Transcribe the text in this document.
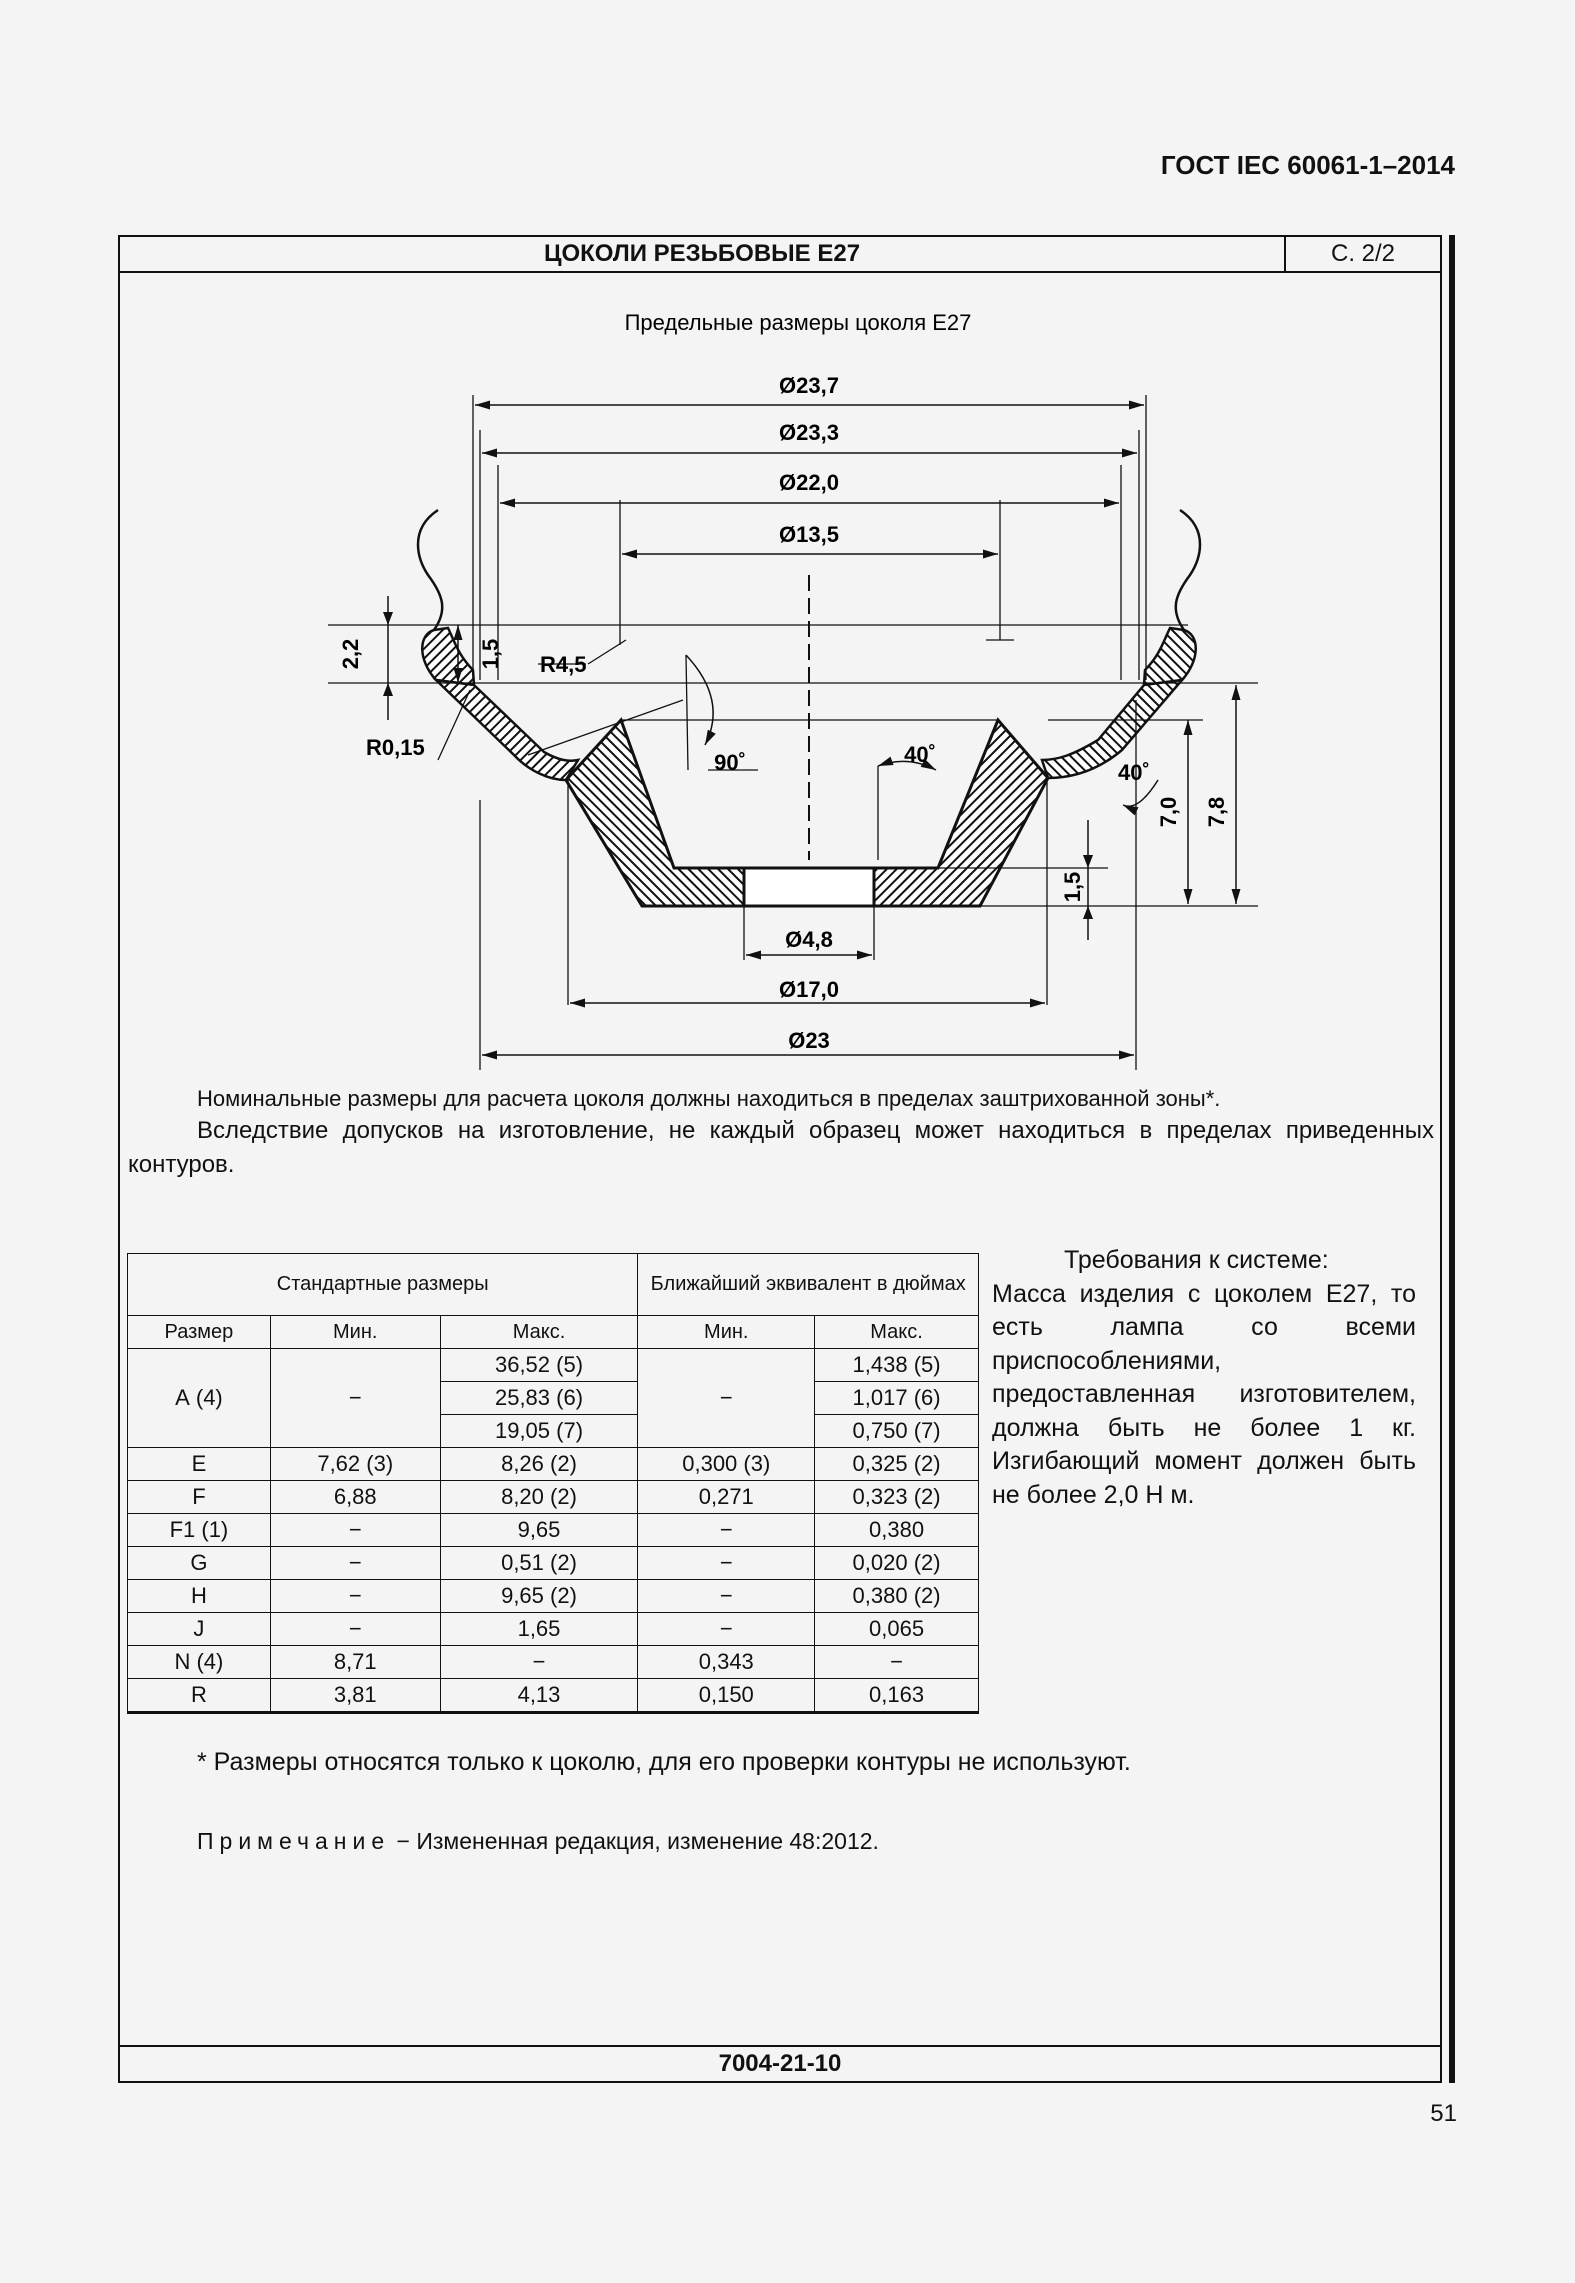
ГОСТ IEC 60061-1–2014
ЦОКОЛИ РЕЗЬБОВЫЕ Е27	С. 2/2
7004-21-10
Предельные размеры цоколя Е27
Ø23,7
Ø23,3
Ø22,0
Ø13,5
Ø4,8
Ø17,0
Ø23
2,2	1,5 R4,5
R0,15
90˚	40˚
40˚
7,0 7,8
1,5
Номинальные размеры для расчета цоколя должны находиться в пределах заштрихованной зоны*.
Вследствие допусков на изготовление, не каждый образец может находиться в пределах приведенных контуров.
Стандартные размеры			Ближайший эквивалент в дюймах	
Размер	Мин.	Макс.	Мин.	Макс.
А (4)	−	36,52 (5)	−	1,438 (5)
		25,83 (6)		1,017 (6)
		19,05 (7)		0,750 (7)
E	7,62 (3)	8,26 (2)	0,300 (3)	0,325 (2)
F	6,88	8,20 (2)	0,271	0,323 (2)
F1 (1)	−	9,65	−	0,380
G	−	0,51 (2)	−	0,020 (2)
H	−	9,65 (2)	−	0,380 (2)
J	−	1,65	−	0,065
N (4)	8,71	−	0,343	−
R	3,81	4,13	0,150	0,163
Требования к системе:
Масса изделия с цоколем Е27, то есть лампа со всеми приспособлениями, предоставленная изготовителем, должна быть не более 1 кг. Изгибающий момент должен быть не более 2,0 Н м.
* Размеры относятся только к цоколю, для его проверки контуры не используют.
Примечание − Измененная редакция, изменение 48:2012.
51
